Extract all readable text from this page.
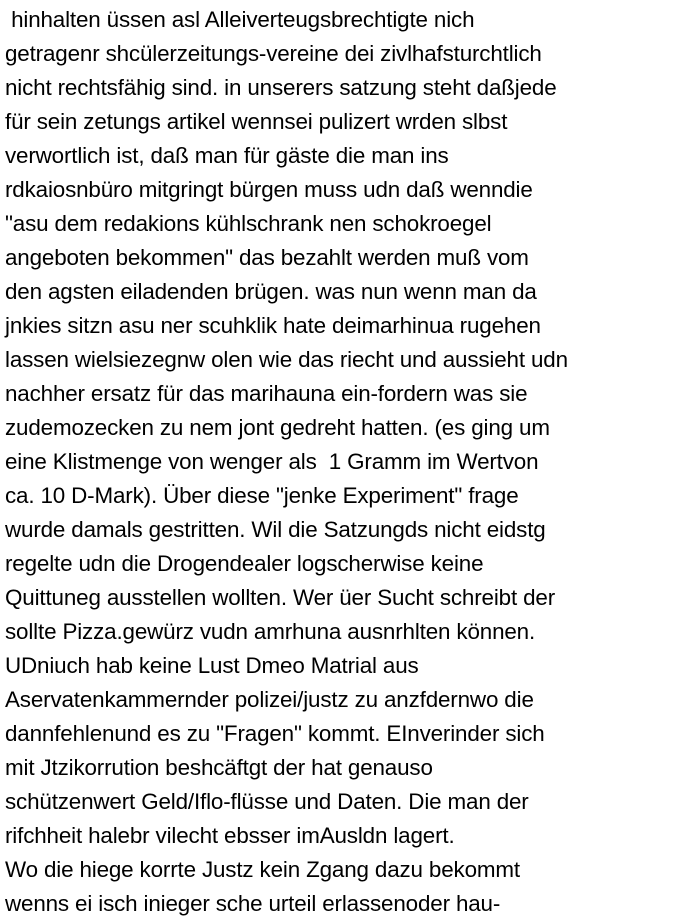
hinhalten üssen asl Alleiverteugsbrechtigte nich
getragenr shcülerzeitungs-vereine dei zivlhafsturchtlich
nicht rechtsfähig sind. in unserers satzung steht daßjede
für sein zetungs artikel wennsei pulizert wrden slbst
verwortlich ist, daß man für gäste die man ins
rdkaiosnbüro mitgringt bürgen muss udn daß wenndie
"asu dem redakions kühlschrank nen schokroegel
angeboten bekommen" das bezahlt werden muß vom
den agsten eiladenden brügen. was nun wenn man da
jnkies sitzn asu ner scuhklik hate deimarhinua rugehen
lassen wielsiezegnw olen wie das riecht und aussieht udn
nachher ersatz für das marihauna ein-fordern was sie
zudemozecken zu nem jont gedreht hatten. (es ging um
eine Klistmenge von wenger als  1 Gramm im Wertvon
ca. 10 D-Mark). Über diese "jenke Experiment" frage
wurde damals gestritten. Wil die Satzungds nicht eidstg
regelte udn die Drogendealer logscherwise keine
Quittuneg ausstellen wollten. Wer üer Sucht schreibt der
sollte Pizza.gewürz vudn amrhuna ausnrhlten können.
UDniuch hab keine Lust Dmeo Matrial aus
Aservatenkammernder polizei/justz zu anzfdernwo die
dannfehlenund es zu "Fragen" kommt. EInverinder sich
mit Jtzikorrution beshcäftgt der hat genauso
schützenwert Geld/Iflo-flüsse und Daten. Die man der
rifchheit halebr vilecht ebsser imAusldn lagert.
Wo die hiege korrte Justz kein Zgang dazu bekommt
wenns ei isch inieger sche urteil erlassenoder hau-
